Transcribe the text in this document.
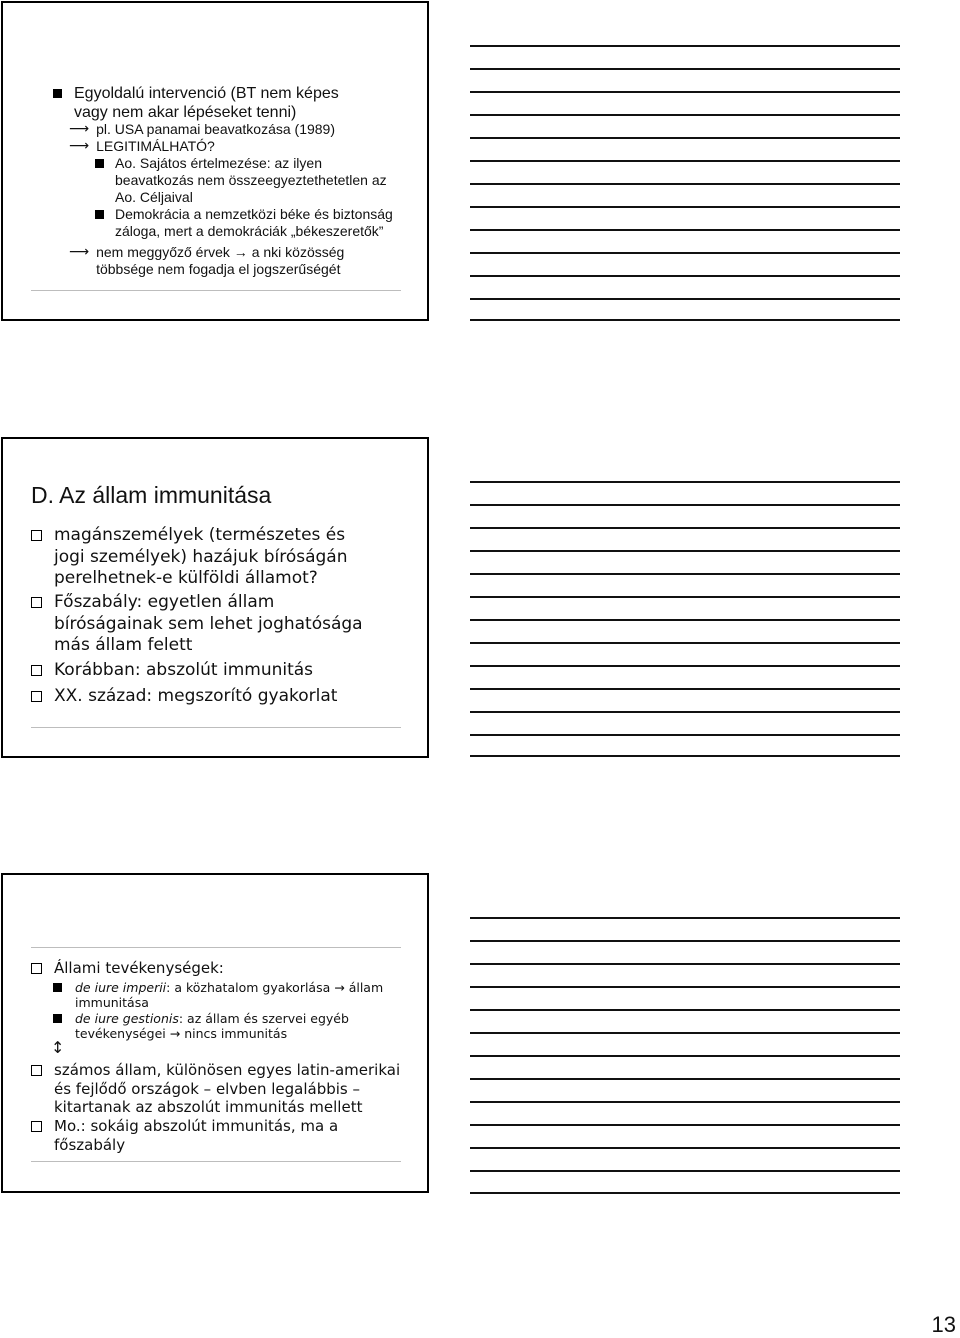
Egyoldalú intervenció (BT nem képes
vagy nem akar lépéseket tenni)
⟶ pl. USA panamai beavatkozása (1989)
⟶ LEGITIMÁLHATÓ?
Ao. Sajátos értelmezése: az ilyen
beavatkozás nem összeegyeztethetetlen az
Ao. Céljaival
Demokrácia a nemzetközi béke és biztonság
záloga, mert a demokráciák „békeszeretők”
⟶ nem meggyőző érvek → a nki közösség
többsége nem fogadja el jogszerűségét
D. Az állam immunitása
magánszemélyek (természetes és
jogi személyek) hazájuk bíróságán
perelhetnek-e külföldi államot?
Főszabály: egyetlen állam
bíróságainak sem lehet joghatósága
más állam felett
Korábban: abszolút immunitás
XX. század: megszorító gyakorlat
Állami tevékenységek:
de iure imperii: a közhatalom gyakorlása → állam
immunitása
de iure gestionis: az állam és szervei egyéb
tevékenységei → nincs immunitás
↕
számos állam, különösen egyes latin-amerikai
és fejlődő országok – elvben legalábbis –
kitartanak az abszolút immunitás mellett
Mo.: sokáig abszolút immunitás, ma a
főszabály
13
